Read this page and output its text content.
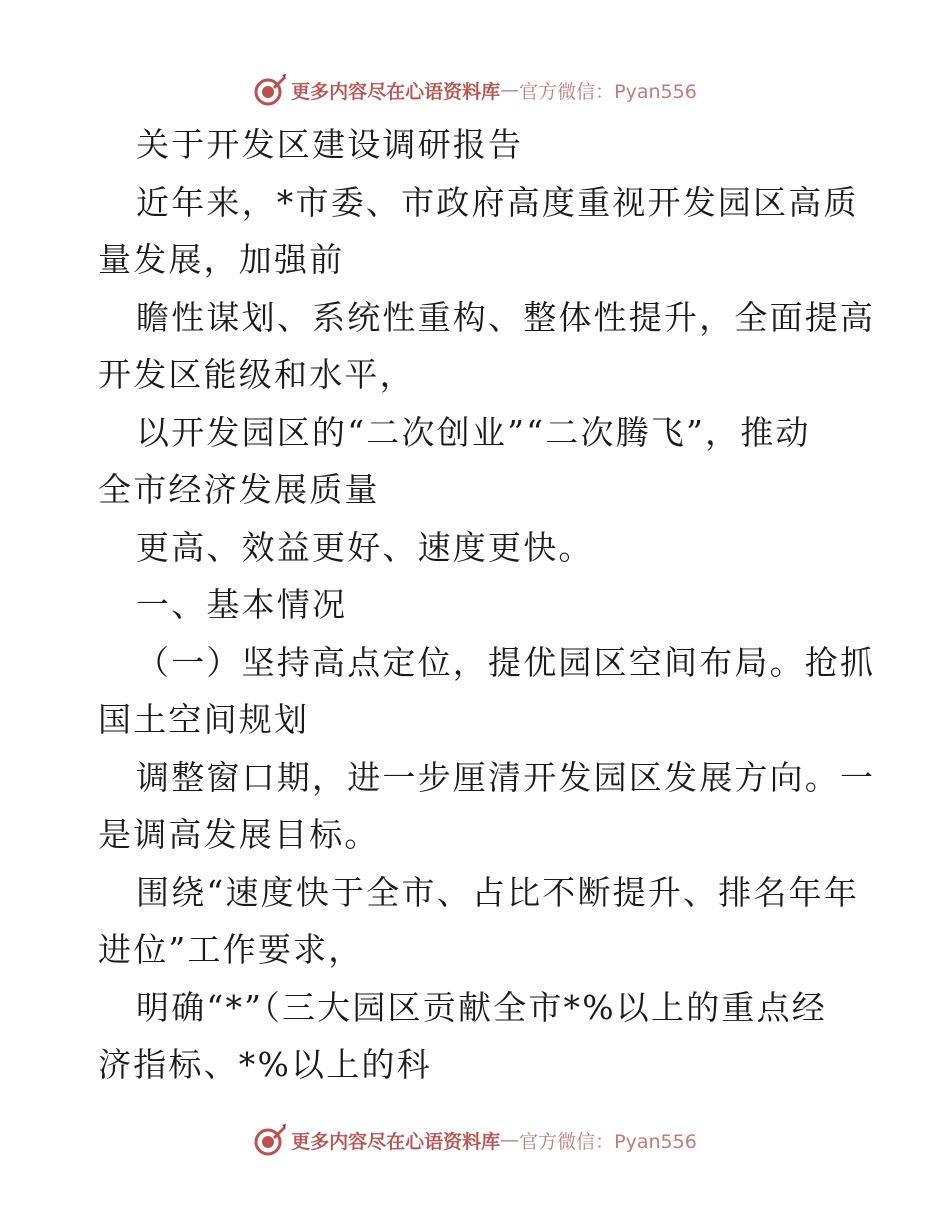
更多内容尽在心语资料库 — 官方微信：Pyan556
关于开发区建设调研报告
近年来，*市委、市政府高度重视开发园区高质
量发展，加强前
瞻性谋划、系统性重构、整体性提升，全面提高
开发区能级和水平，
以开发园区的“二次创业”“二次腾飞”，推动
全市经济发展质量
更高、效益更好、速度更快。
一、基本情况
（一）坚持高点定位，提优园区空间布局。抢抓
国土空间规划
调整窗口期，进一步厘清开发园区发展方向。一
是调高发展目标。
围绕“速度快于全市、占比不断提升、排名年年
进位”工作要求，
明确“*”（三大园区贡献全市*%以上的重点经
济指标、*%以上的科
更多内容尽在心语资料库 — 官方微信：Pyan556
